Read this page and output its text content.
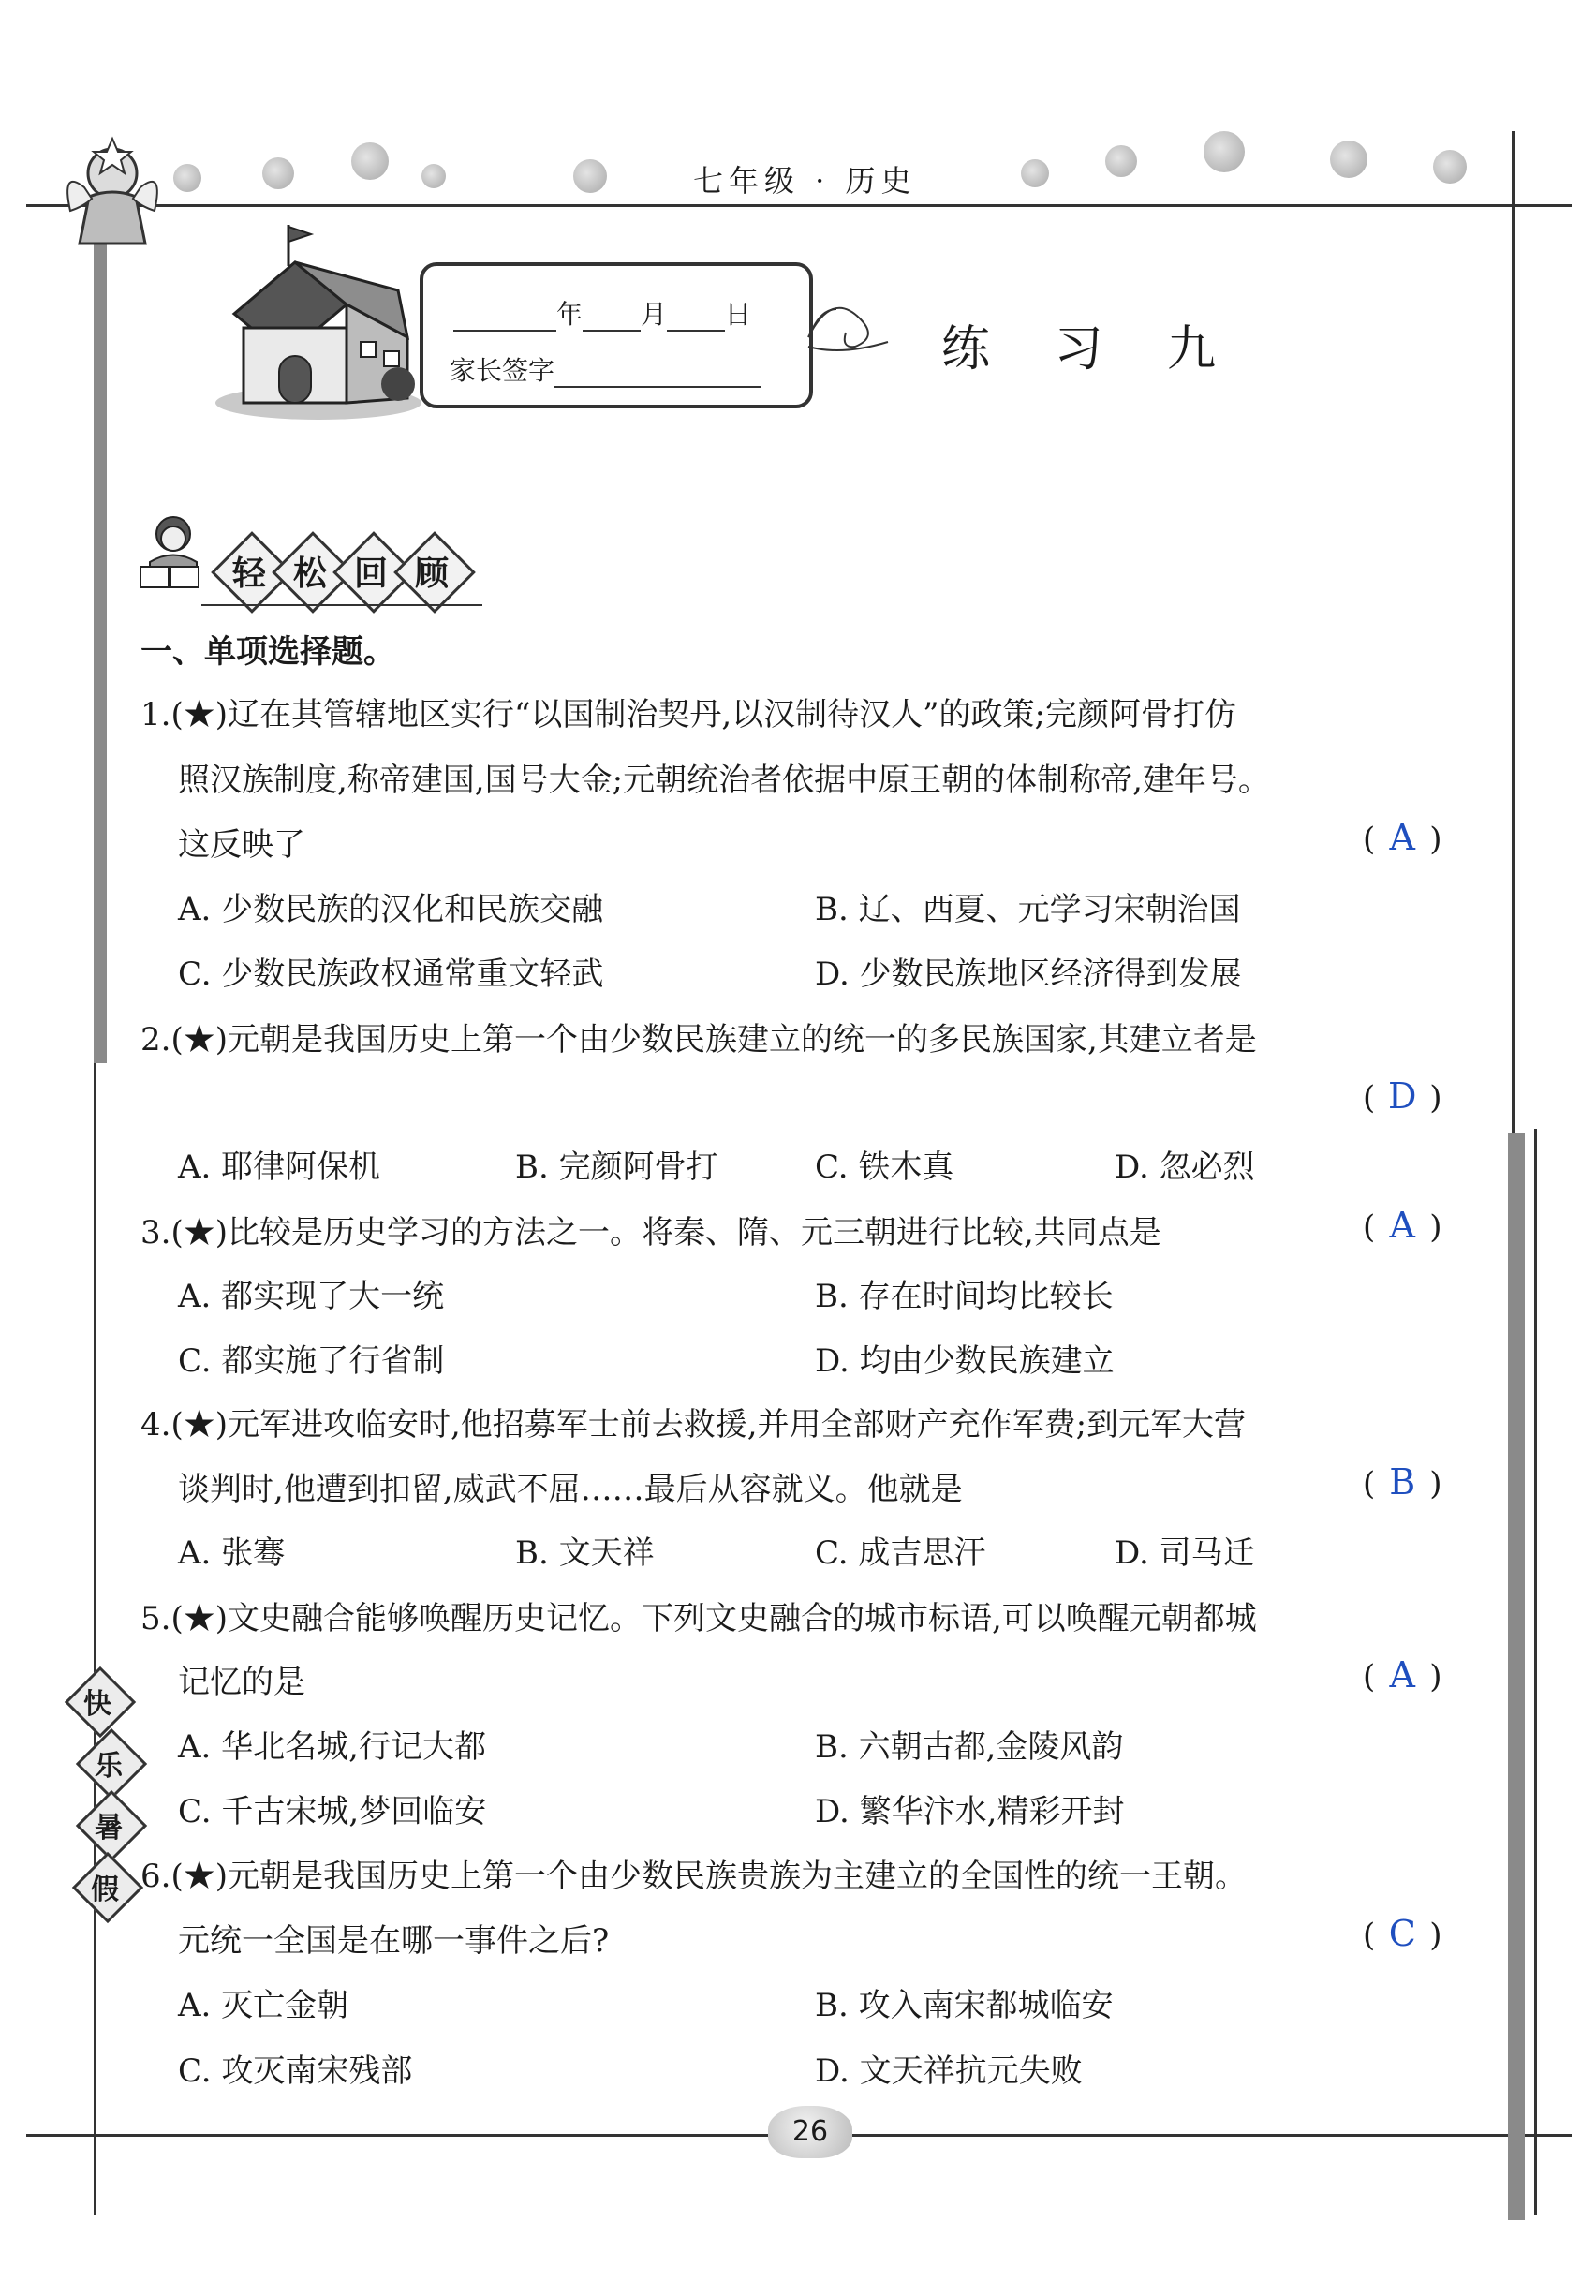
七年级 · 历史
年 月 日
家长签字	练 习 九
轻 松 回 顾
一、单项选择题。
1.(★)辽在其管辖地区实行“以国制治契丹,以汉制待汉人”的政策;完颜阿骨打仿
照汉族制度,称帝建国,国号大金;元朝统治者依据中原王朝的体制称帝,建年号。
这反映了	( A )
A. 少数民族的汉化和民族交融	B. 辽、西夏、元学习宋朝治国
C. 少数民族政权通常重文轻武	D. 少数民族地区经济得到发展
2.(★)元朝是我国历史上第一个由少数民族建立的统一的多民族国家,其建立者是
( D )
A. 耶律阿保机	B. 完颜阿骨打	C. 铁木真	D. 忽必烈
3.(★)比较是历史学习的方法之一。将秦、隋、元三朝进行比较,共同点是	( A )
A. 都实现了大一统	B. 存在时间均比较长
C. 都实施了行省制	D. 均由少数民族建立
4.(★)元军进攻临安时,他招募军士前去救援,并用全部财产充作军费;到元军大营
谈判时,他遭到扣留,威武不屈……最后从容就义。他就是	( B )
A. 张骞	B. 文天祥	C. 成吉思汗	D. 司马迁
5.(★)文史融合能够唤醒历史记忆。下列文史融合的城市标语,可以唤醒元朝都城
记忆的是	( A )
A. 华北名城,行记大都	B. 六朝古都,金陵风韵
C. 千古宋城,梦回临安	D. 繁华汴水,精彩开封
6.(★)元朝是我国历史上第一个由少数民族贵族为主建立的全国性的统一王朝。
元统一全国是在哪一事件之后?	( C )
A. 灭亡金朝	B. 攻入南宋都城临安
C. 攻灭南宋残部	D. 文天祥抗元失败
快
乐
暑
假
26
